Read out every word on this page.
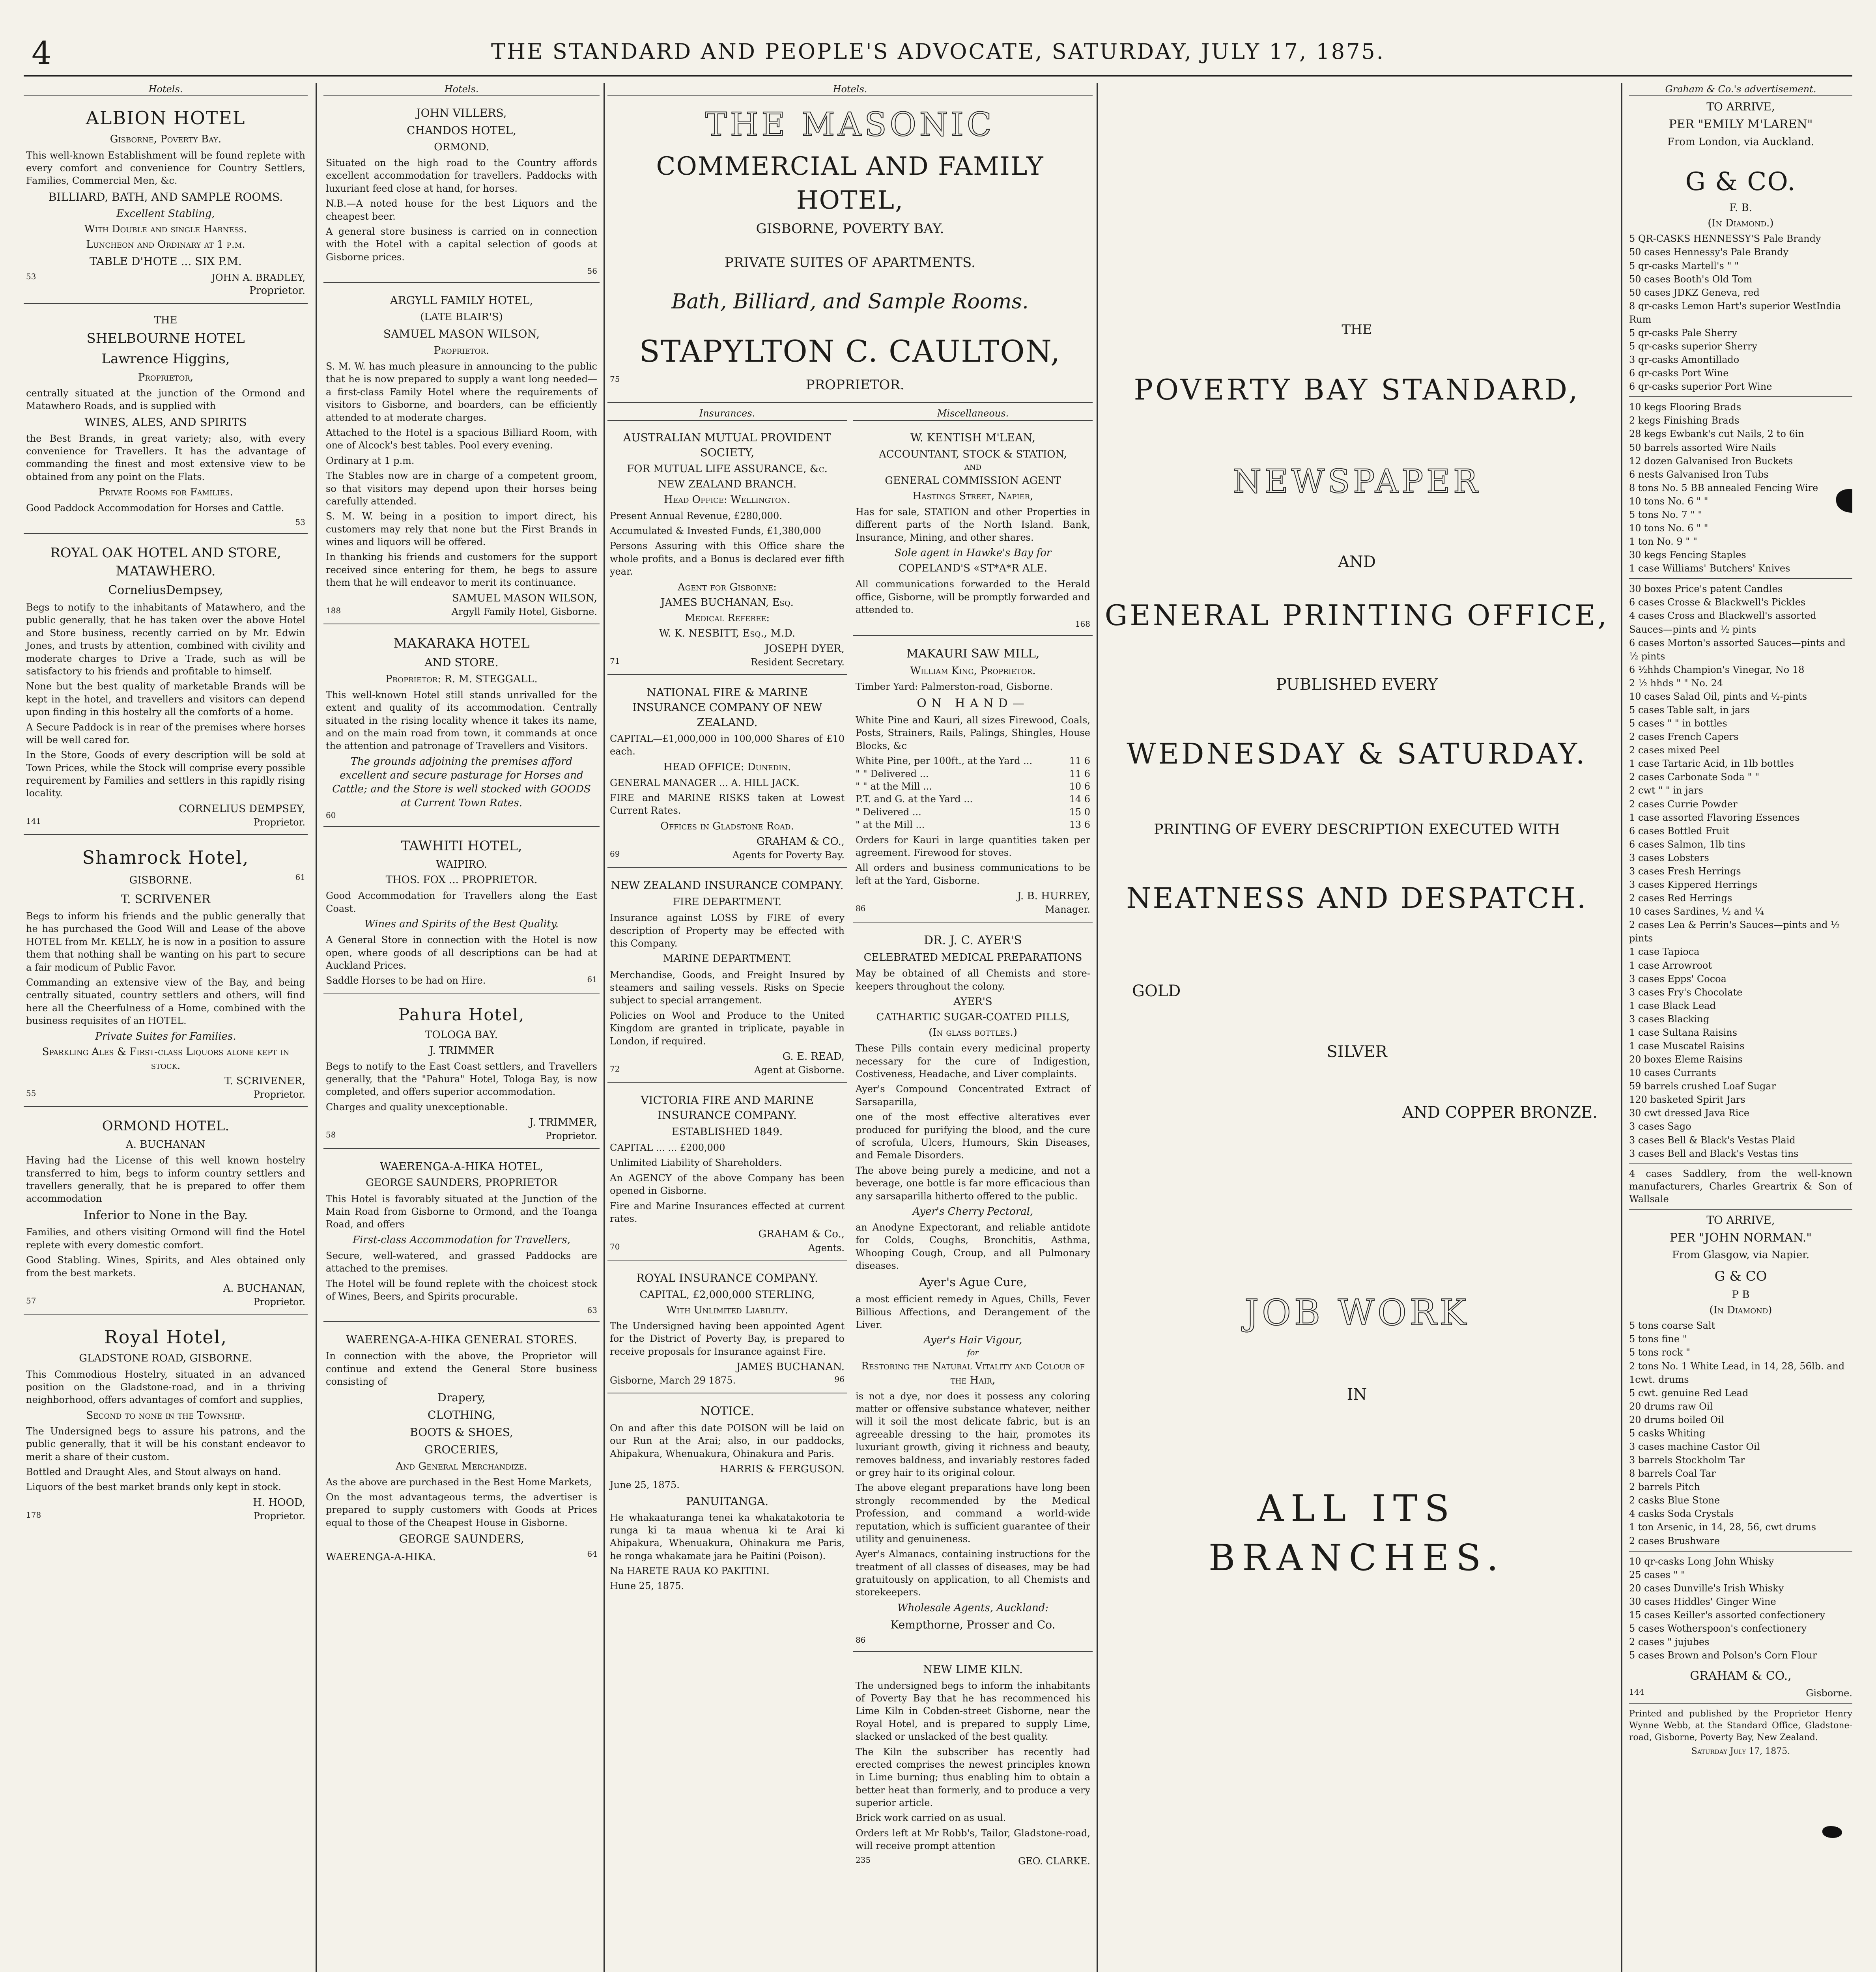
4	THE STANDARD AND PEOPLE'S ADVOCATE, SATURDAY, JULY 17, 1875.
Hotels.
ALBION HOTEL
Gisborne, Poverty Bay.
This well-known Establishment will be found replete with every comfort and convenience for Country Settlers, Families, Commercial Men, &c.
BILLIARD, BATH, AND SAMPLE ROOMS.
Excellent Stabling,
With Double and single Harness.
Luncheon and Ordinary at 1 p.m.
TABLE D'HOTE ... SIX P.M.
53	JOHN A. BRADLEY,
Proprietor.
THE
SHELBOURNE HOTEL
Lawrence Higgins,
Proprietor,
centrally situated at the junction of the Ormond and Matawhero Roads, and is supplied with
WINES, ALES, AND SPIRITS
the Best Brands, in great variety; also, with every convenience for Travellers. It has the advantage of commanding the finest and most extensive view to be obtained from any point on the Flats.
Private Rooms for Families.
Good Paddock Accommodation for Horses and Cattle.
53
ROYAL OAK HOTEL AND STORE, MATAWHERO.
CorneliusDempsey,
Begs to notify to the inhabitants of Matawhero, and the public generally, that he has taken over the above Hotel and Store business, recently carried on by Mr. Edwin Jones, and trusts by attention, combined with civility and moderate charges to Drive a Trade, such as will be satisfactory to his friends and profitable to himself.
None but the best quality of marketable Brands will be kept in the hotel, and travellers and visitors can depend upon finding in this hostelry all the comforts of a home.
A Secure Paddock is in rear of the premises where horses will be well cared for.
In the Store, Goods of every description will be sold at Town Prices, while the Stock will comprise every possible requirement by Families and settlers in this rapidly rising locality.
CORNELIUS DEMPSEY,
141	Proprietor.
Shamrock Hotel,
GISBORNE.	61
T. SCRIVENER
Begs to inform his friends and the public generally that he has purchased the Good Will and Lease of the above HOTEL from Mr. KELLY, he is now in a position to assure them that nothing shall be wanting on his part to secure a fair modicum of Public Favor.
Commanding an extensive view of the Bay, and being centrally situated, country settlers and others, will find here all the Cheerfulness of a Home, combined with the business requisites of an HOTEL.
Private Suites for Families.
Sparkling Ales & First-class Liquors alone kept in stock.
T. SCRIVENER,
55	Proprietor.
ORMOND HOTEL.
A. BUCHANAN
Having had the License of this well known hostelry transferred to him, begs to inform country settlers and travellers generally, that he is prepared to offer them accommodation
Inferior to None in the Bay.
Families, and others visiting Ormond will find the Hotel replete with every domestic comfort.
Good Stabling. Wines, Spirits, and Ales obtained only from the best markets.
A. BUCHANAN,
57	Proprietor.
Royal Hotel,
GLADSTONE ROAD, GISBORNE.
This Commodious Hostelry, situated in an advanced position on the Gladstone-road, and in a thriving neighborhood, offers advantages of comfort and supplies,
Second to none in the Township.
The Undersigned begs to assure his patrons, and the public generally, that it will be his constant endeavor to merit a share of their custom.
Bottled and Draught Ales, and Stout always on hand.
Liquors of the best market brands only kept in stock.
H. HOOD,
178	Proprietor.
Hotels.
JOHN VILLERS,
CHANDOS HOTEL,
ORMOND.
Situated on the high road to the Country affords excellent accommodation for travellers. Paddocks with luxuriant feed close at hand, for horses.
N.B.—A noted house for the best Liquors and the cheapest beer.
A general store business is carried on in connection with the Hotel with a capital selection of goods at Gisborne prices.
56
ARGYLL FAMILY HOTEL,
(LATE BLAIR'S)
SAMUEL MASON WILSON,
Proprietor.
S. M. W. has much pleasure in announcing to the public that he is now prepared to supply a want long needed—a first-class Family Hotel where the requirements of visitors to Gisborne, and boarders, can be efficiently attended to at moderate charges.
Attached to the Hotel is a spacious Billiard Room, with one of Alcock's best tables. Pool every evening.
Ordinary at 1 p.m.
The Stables now are in charge of a competent groom, so that visitors may depend upon their horses being carefully attended.
S. M. W. being in a position to import direct, his customers may rely that none but the First Brands in wines and liquors will be offered.
In thanking his friends and customers for the support received since entering for them, he begs to assure them that he will endeavor to merit its continuance.
SAMUEL MASON WILSON,
188	Argyll Family Hotel, Gisborne.
MAKARAKA HOTEL
AND STORE.
Proprietor: R. M. STEGGALL.
This well-known Hotel still stands unrivalled for the extent and quality of its accommodation. Centrally situated in the rising locality whence it takes its name, and on the main road from town, it commands at once the attention and patronage of Travellers and Visitors.
The grounds adjoining the premises afford excellent and secure pasturage for Horses and Cattle; and the Store is well stocked with GOODS at Current Town Rates.
60
TAWHITI HOTEL,
WAIPIRO.
THOS. FOX ... PROPRIETOR.
Good Accommodation for Travellers along the East Coast.
Wines and Spirits of the Best Quality.
A General Store in connection with the Hotel is now open, where goods of all descriptions can be had at Auckland Prices.
Saddle Horses to be had on Hire.	61
Pahura Hotel,
TOLOGA BAY.
J. TRIMMER
Begs to notify to the East Coast settlers, and Travellers generally, that the "Pahura" Hotel, Tologa Bay, is now completed, and offers superior accommodation.
Charges and quality unexceptionable.
J. TRIMMER,
58	Proprietor.
WAERENGA-A-HIKA HOTEL,
GEORGE SAUNDERS, PROPRIETOR
This Hotel is favorably situated at the Junction of the Main Road from Gisborne to Ormond, and the Toanga Road, and offers
First-class Accommodation for Travellers,
Secure, well-watered, and grassed Paddocks are attached to the premises.
The Hotel will be found replete with the choicest stock of Wines, Beers, and Spirits procurable.
63
WAERENGA-A-HIKA GENERAL STORES.
In connection with the above, the Proprietor will continue and extend the General Store business consisting of
Drapery,
CLOTHING,
BOOTS & SHOES,
GROCERIES,
And General Merchandize.
As the above are purchased in the Best Home Markets,
On the most advantageous terms, the advertiser is prepared to supply customers with Goods at Prices equal to those of the Cheapest House in Gisborne.
GEORGE SAUNDERS,
WAERENGA-A-HIKA.	64
Hotels.
THE MASONIC
COMMERCIAL AND FAMILY HOTEL,
GISBORNE, POVERTY BAY.
PRIVATE SUITES OF APARTMENTS.
Bath, Billiard, and Sample Rooms.
STAPYLTON C. CAULTON,
75	PROPRIETOR.
Insurances.
AUSTRALIAN MUTUAL PROVIDENT SOCIETY,
FOR MUTUAL LIFE ASSURANCE, &c.
NEW ZEALAND BRANCH.
Head Office: Wellington.
Present Annual Revenue, £280,000.
Accumulated & Invested Funds, £1,380,000
Persons Assuring with this Office share the whole profits, and a Bonus is declared ever fifth year.
Agent for Gisborne:
JAMES BUCHANAN, Esq.
Medical Referee:
W. K. NESBITT, Esq., M.D.
JOSEPH DYER,
71	Resident Secretary.
NATIONAL FIRE & MARINE INSURANCE COMPANY OF NEW ZEALAND.
CAPITAL—£1,000,000 in 100,000 Shares of £10 each.
HEAD OFFICE: Dunedin.
GENERAL MANAGER ... A. HILL JACK.
FIRE and MARINE RISKS taken at Lowest Current Rates.
Offices in Gladstone Road.
GRAHAM & CO.,
69	Agents for Poverty Bay.
NEW ZEALAND INSURANCE COMPANY.
FIRE DEPARTMENT.
Insurance against LOSS by FIRE of every description of Property may be effected with this Company.
MARINE DEPARTMENT.
Merchandise, Goods, and Freight Insured by steamers and sailing vessels. Risks on Specie subject to special arrangement.
Policies on Wool and Produce to the United Kingdom are granted in triplicate, payable in London, if required.
G. E. READ,
72	Agent at Gisborne.
VICTORIA FIRE AND MARINE INSURANCE COMPANY.
ESTABLISHED 1849.
CAPITAL ... ... £200,000
Unlimited Liability of Shareholders.
An AGENCY of the above Company has been opened in Gisborne.
Fire and Marine Insurances effected at current rates.
GRAHAM & Co.,
70	Agents.
ROYAL INSURANCE COMPANY.
CAPITAL, £2,000,000 STERLING,
With Unlimited Liability.
The Undersigned having been appointed Agent for the District of Poverty Bay, is prepared to receive proposals for Insurance against Fire.
JAMES BUCHANAN.
Gisborne, March 29 1875.	96
NOTICE.
On and after this date POISON will be laid on our Run at the Arai; also, in our paddocks, Ahipakura, Whenuakura, Ohinakura and Paris.
HARRIS & FERGUSON.
June 25, 1875.
PANUITANGA.
He whakaaturanga tenei ka whakatakotoria te runga ki ta maua whenua ki te Arai ki Ahipakura, Whenuakura, Ohinakura me Paris, he ronga whakamate jara he Paitini (Poison).
Na HARETE RAUA KO PAKITINI.
Hune 25, 1875.
Miscellaneous.
W. KENTISH M'LEAN,
ACCOUNTANT, STOCK & STATION,
AND
GENERAL COMMISSION AGENT
Hastings Street, Napier,
Has for sale, STATION and other Properties in different parts of the North Island. Bank, Insurance, Mining, and other shares.
Sole agent in Hawke's Bay for
COPELAND'S «ST*A*R ALE.
All communications forwarded to the Herald office, Gisborne, will be promptly forwarded and attended to.
168
MAKAURI SAW MILL,
William King, Proprietor.
Timber Yard: Palmerston-road, Gisborne.
ON HAND—
White Pine and Kauri, all sizes Firewood, Coals, Posts, Strainers, Rails, Palings, Shingles, House Blocks, &c
White Pine, per 100ft., at the Yard ...	11 6
" " Delivered ...	11 6
" " at the Mill ...	10 6
P.T. and G. at the Yard ...	14 6
" Delivered ...	15 0
" at the Mill ...	13 6
Orders for Kauri in large quantities taken per agreement. Firewood for stoves.
All orders and business communications to be left at the Yard, Gisborne.
J. B. HURREY,
86	Manager.
DR. J. C. AYER'S
CELEBRATED MEDICAL PREPARATIONS
May be obtained of all Chemists and store-keepers throughout the colony.
AYER'S
CATHARTIC SUGAR-COATED PILLS,
(In glass bottles.)
These Pills contain every medicinal property necessary for the cure of Indigestion, Costiveness, Headache, and Liver complaints.
Ayer's Compound Concentrated Extract of Sarsaparilla,
one of the most effective alteratives ever produced for purifying the blood, and the cure of scrofula, Ulcers, Humours, Skin Diseases, and Female Disorders.
The above being purely a medicine, and not a beverage, one bottle is far more efficacious than any sarsaparilla hitherto offered to the public.
Ayer's Cherry Pectoral,
an Anodyne Expectorant, and reliable antidote for Colds, Coughs, Bronchitis, Asthma, Whooping Cough, Croup, and all Pulmonary diseases.
Ayer's Ague Cure,
a most efficient remedy in Agues, Chills, Fever Billious Affections, and Derangement of the Liver.
Ayer's Hair Vigour,
for
Restoring the Natural Vitality and Colour of the Hair,
is not a dye, nor does it possess any coloring matter or offensive substance whatever, neither will it soil the most delicate fabric, but is an agreeable dressing to the hair, promotes its luxuriant growth, giving it richness and beauty, removes baldness, and invariably restores faded or grey hair to its original colour.
The above elegant preparations have long been strongly recommended by the Medical Profession, and command a world-wide reputation, which is sufficient guarantee of their utility and genuineness.
Ayer's Almanacs, containing instructions for the treatment of all classes of diseases, may be had gratuitously on application, to all Chemists and storekeepers.
Wholesale Agents, Auckland:
Kempthorne, Prosser and Co.
86
NEW LIME KILN.
The undersigned begs to inform the inhabitants of Poverty Bay that he has recommenced his Lime Kiln in Cobden-street Gisborne, near the Royal Hotel, and is prepared to supply Lime, slacked or unslacked of the best quality.
The Kiln the subscriber has recently had erected comprises the newest principles known in Lime burning; thus enabling him to obtain a better heat than formerly, and to produce a very superior article.
Brick work carried on as usual.
Orders left at Mr Robb's, Tailor, Gladstone-road, will receive prompt attention
235	GEO. CLARKE.
THE
POVERTY BAY STANDARD,
NEWSPAPER
AND
GENERAL PRINTING OFFICE,
PUBLISHED EVERY
WEDNESDAY & SATURDAY.
PRINTING OF EVERY DESCRIPTION EXECUTED WITH
NEATNESS AND DESPATCH.
GOLD
SILVER
AND COPPER BRONZE.
JOB WORK
IN
ALL ITS BRANCHES.
Graham & Co.'s advertisement.
TO ARRIVE,
PER "EMILY M'LAREN"
From London, via Auckland.
G & CO.
F. B.
(In Diamond.)
5 QR-CASKS HENNESSY'S Pale Brandy
50 cases Hennessy's Pale Brandy
5 qr-casks Martell's " "
50 cases Booth's Old Tom
50 cases JDKZ Geneva, red
8 qr-casks Lemon Hart's superior WestIndia Rum
5 qr-casks Pale Sherry
5 qr-casks superior Sherry
3 qr-casks Amontillado
6 qr-casks Port Wine
6 qr-casks superior Port Wine
10 kegs Flooring Brads
2 kegs Finishing Brads
28 kegs Ewbank's cut Nails, 2 to 6in
50 barrels assorted Wire Nails
12 dozen Galvanised Iron Buckets
6 nests Galvanised Iron Tubs
8 tons No. 5 BB annealed Fencing Wire
10 tons No. 6 " "
5 tons No. 7 " "
10 tons No. 6 " "
1 ton No. 9 " "
30 kegs Fencing Staples
1 case Williams' Butchers' Knives
30 boxes Price's patent Candles
6 cases Crosse & Blackwell's Pickles
4 cases Cross and Blackwell's assorted Sauces—pints and ½ pints
6 cases Morton's assorted Sauces—pints and ½ pints
6 ½hhds Champion's Vinegar, No 18
2 ½ hhds " " No. 24
10 cases Salad Oil, pints and ½-pints
5 cases Table salt, in jars
5 cases " " in bottles
2 cases French Capers
2 cases mixed Peel
1 case Tartaric Acid, in 1lb bottles
2 cases Carbonate Soda " "
2 cwt " " in jars
2 cases Currie Powder
1 case assorted Flavoring Essences
6 cases Bottled Fruit
6 cases Salmon, 1lb tins
3 cases Lobsters
3 cases Fresh Herrings
3 cases Kippered Herrings
2 cases Red Herrings
10 cases Sardines, ½ and ¼
2 cases Lea & Perrin's Sauces—pints and ½ pints
1 case Tapioca
1 case Arrowroot
3 cases Epps' Cocoa
3 cases Fry's Chocolate
1 case Black Lead
3 cases Blacking
1 case Sultana Raisins
1 case Muscatel Raisins
20 boxes Eleme Raisins
10 cases Currants
59 barrels crushed Loaf Sugar
120 basketed Spirit Jars
30 cwt dressed Java Rice
3 cases Sago
3 cases Bell & Black's Vestas Plaid
3 cases Bell and Black's Vestas tins
4 cases Saddlery, from the well-known manufacturers, Charles Greartrix & Son of Wallsale
TO ARRIVE,
PER "JOHN NORMAN."
From Glasgow, via Napier.
G & CO
P B
(In Diamond)
5 tons coarse Salt
5 tons fine "
5 tons rock "
2 tons No. 1 White Lead, in 14, 28, 56lb. and 1cwt. drums
5 cwt. genuine Red Lead
20 drums raw Oil
20 drums boiled Oil
5 casks Whiting
3 cases machine Castor Oil
3 barrels Stockholm Tar
8 barrels Coal Tar
2 barrels Pitch
2 casks Blue Stone
4 casks Soda Crystals
1 ton Arsenic, in 14, 28, 56, cwt drums
2 cases Brushware
10 qr-casks Long John Whisky
25 cases " "
20 cases Dunville's Irish Whisky
30 cases Hiddles' Ginger Wine
15 cases Keiller's assorted confectionery
5 cases Wotherspoon's confectionery
2 cases " jujubes
5 cases Brown and Polson's Corn Flour
GRAHAM & CO.,
144	Gisborne.
Printed and published by the Proprietor Henry Wynne Webb, at the Standard Office, Gladstone-road, Gisborne, Poverty Bay, New Zealand.
Saturday July 17, 1875.
